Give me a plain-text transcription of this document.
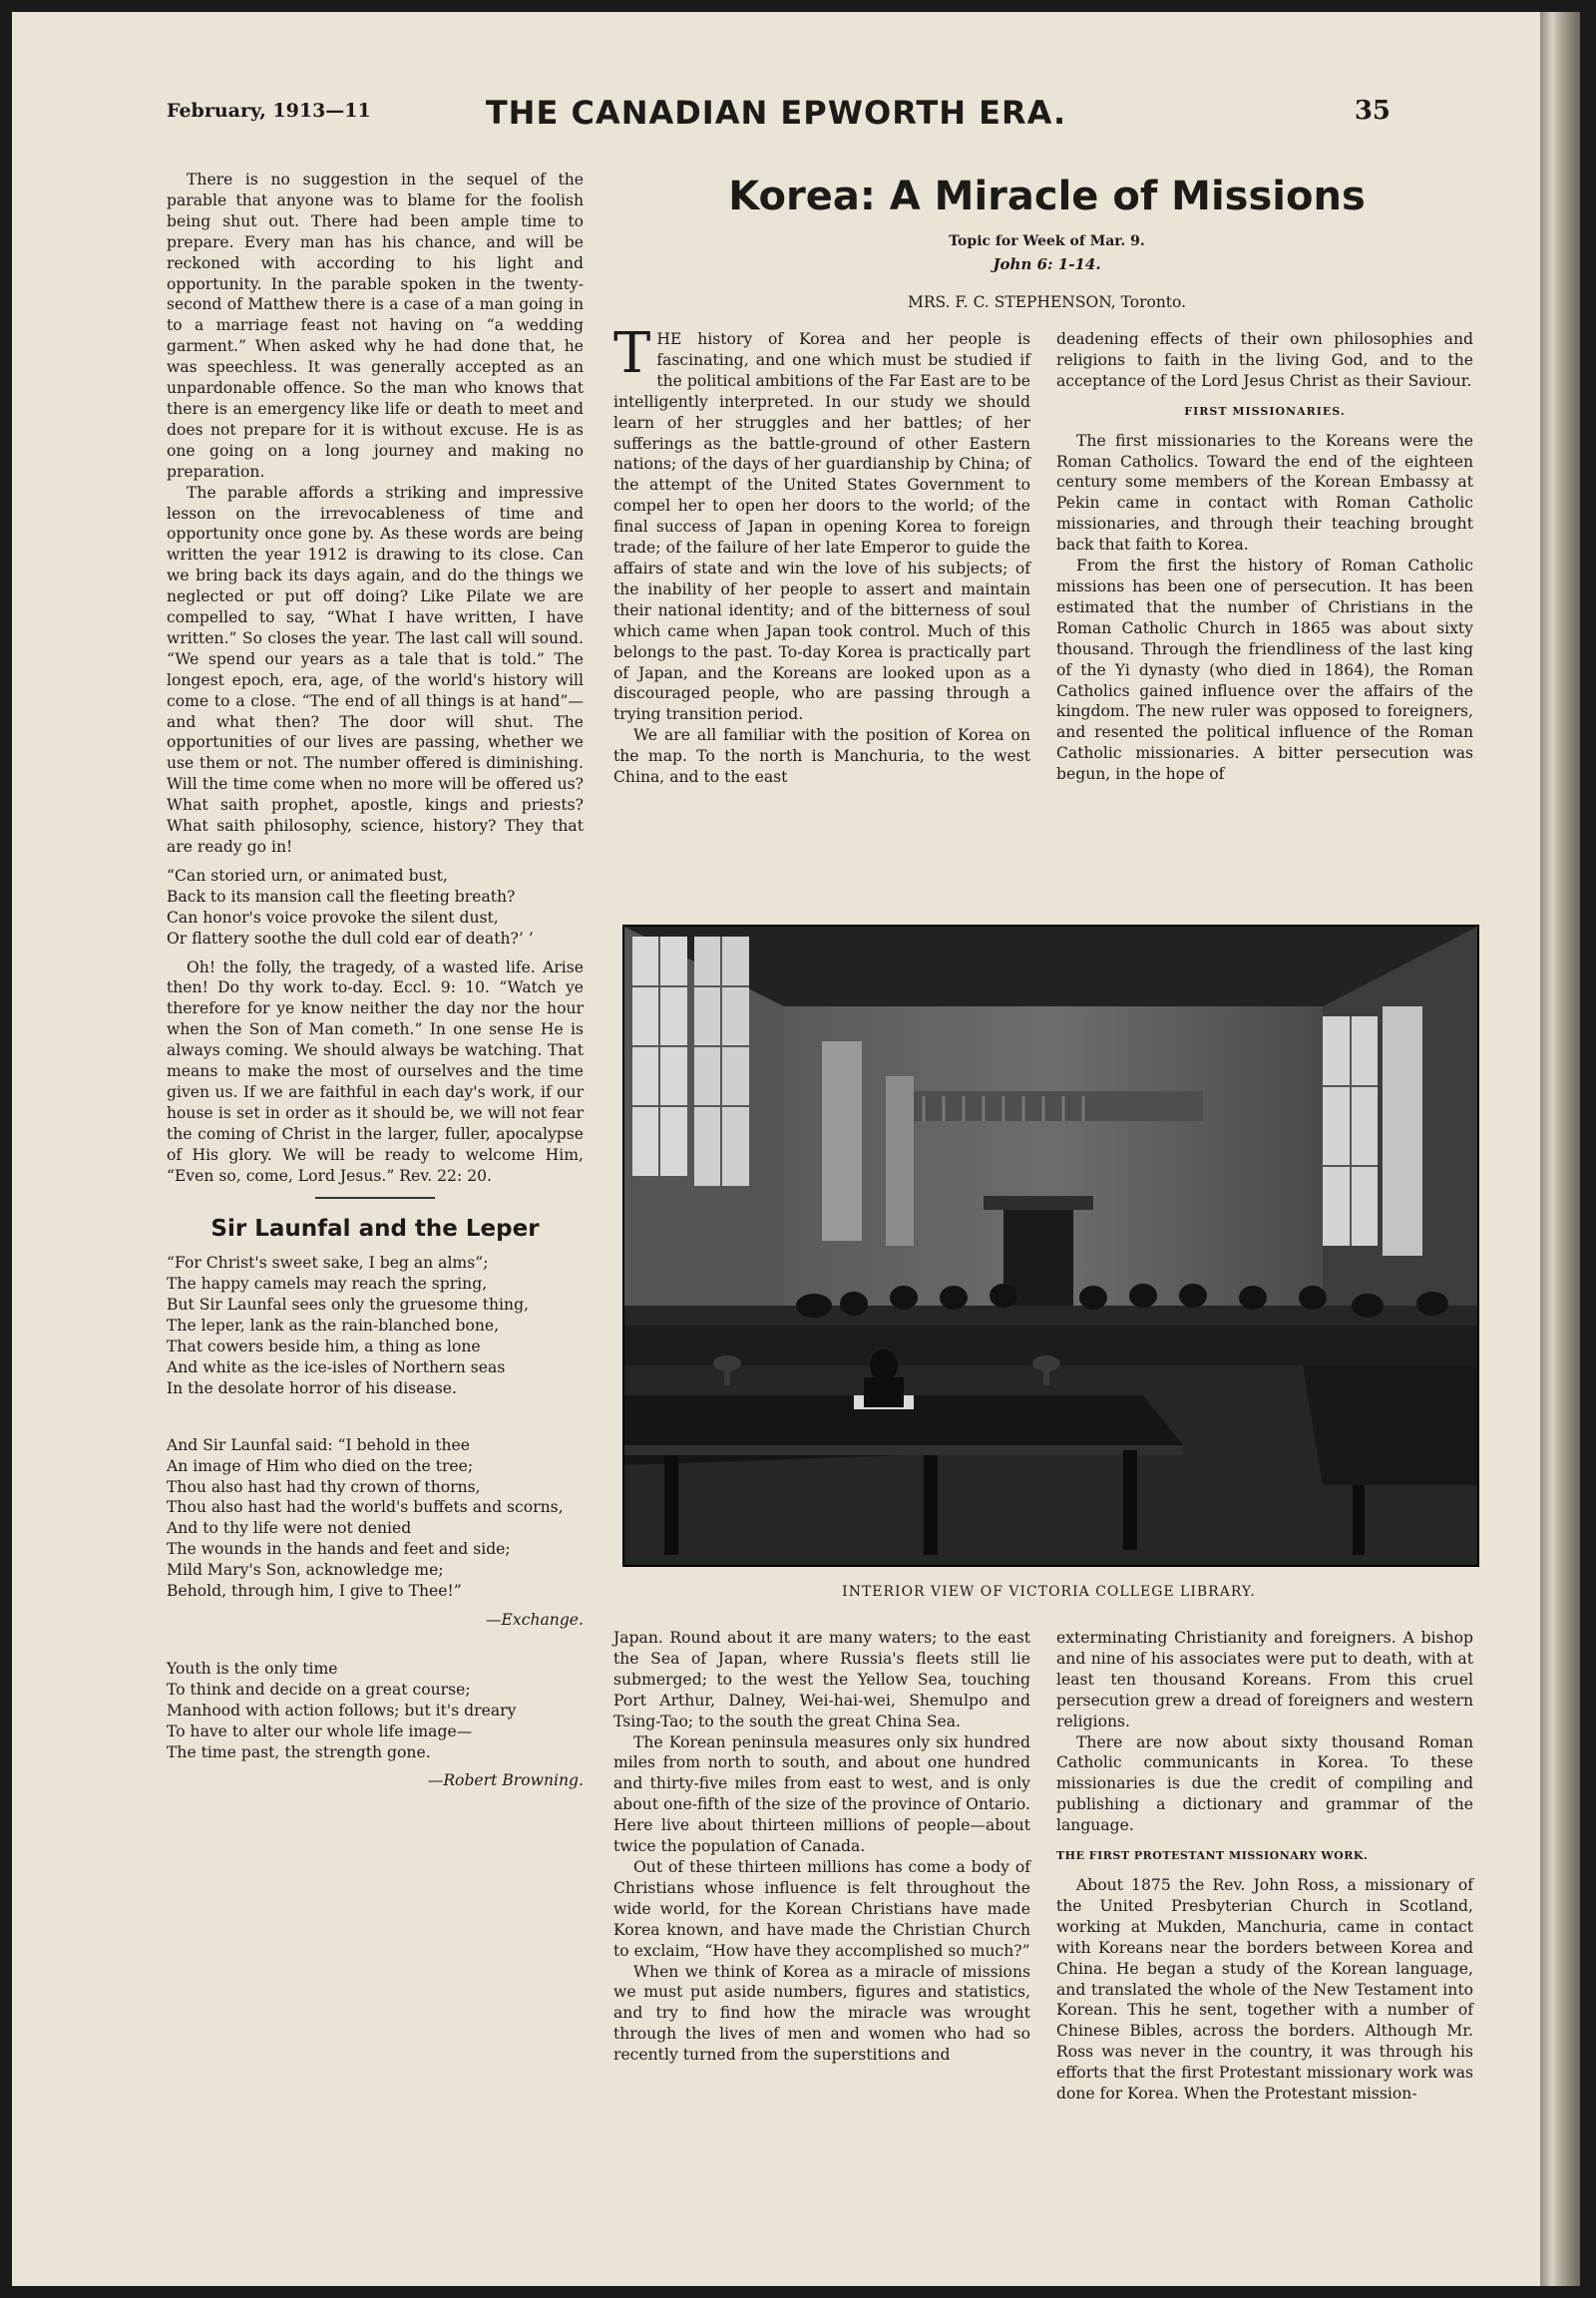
February, 1913—11	THE CANADIAN EPWORTH ERA.	35

There is no suggestion in the sequel of the parable that anyone was to blame for the foolish being shut out. There had been ample time to prepare. Every man has his chance, and will be reckoned with according to his light and opportunity. In the parable spoken in the twenty-second of Matthew there is a case of a man going in to a marriage feast not having on “a wedding garment.” When asked why he had done that, he was speechless. It was generally accepted as an unpardonable offence. So the man who knows that there is an emergency like life or death to meet and does not prepare for it is without excuse. He is as one going on a long journey and making no preparation.

The parable affords a striking and impressive lesson on the irrevocableness of time and opportunity once gone by. As these words are being written the year 1912 is drawing to its close. Can we bring back its days again, and do the things we neglected or put off doing? Like Pilate we are compelled to say, “What I have written, I have written.” So closes the year. The last call will sound. “We spend our years as a tale that is told.” The longest epoch, era, age, of the world's history will come to a close. “The end of all things is at hand”—and what then? The door will shut. The opportunities of our lives are passing, whether we use them or not. The number offered is diminishing. Will the time come when no more will be offered us? What saith prophet, apostle, kings and priests? What saith philosophy, science, history? They that are ready go in!

“Can storied urn, or animated bust,
Back to its mansion call the fleeting breath?
Can honor's voice provoke the silent dust,
Or flattery soothe the dull cold ear of death?’ ’

Oh! the folly, the tragedy, of a wasted life. Arise then! Do thy work to-day. Eccl. 9: 10. “Watch ye therefore for ye know neither the day nor the hour when the Son of Man cometh.” In one sense He is always coming. We should always be watching. That means to make the most of ourselves and the time given us. If we are faithful in each day's work, if our house is set in order as it should be, we will not fear the coming of Christ in the larger, fuller, apocalypse of His glory. We will be ready to welcome Him, “Even so, come, Lord Jesus.” Rev. 22: 20.

Sir Launfal and the Leper
“For Christ's sweet sake, I beg an alms”;
The happy camels may reach the spring,
But Sir Launfal sees only the gruesome thing,
The leper, lank as the rain-blanched bone,
That cowers beside him, a thing as lone
And white as the ice-isles of Northern seas
In the desolate horror of his disease.
And Sir Launfal said: “I behold in thee
An image of Him who died on the tree;
Thou also hast had thy crown of thorns,
Thou also hast had the world's buffets and scorns,
And to thy life were not denied
The wounds in the hands and feet and side;
Mild Mary's Son, acknowledge me;
Behold, through him, I give to Thee!”
—Exchange.
Youth is the only time
To think and decide on a great course;
Manhood with action follows; but it's dreary
To have to alter our whole life image—
The time past, the strength gone.
—Robert Browning.
Korea: A Miracle of Missions
Topic for Week of Mar. 9.
John 6: 1-14.
MRS. F. C. STEPHENSON, Toronto.

THE history of Korea and her people is fascinating, and one which must be studied if the political ambitions of the Far East are to be intelligently interpreted. In our study we should learn of her struggles and her battles; of her sufferings as the battle-ground of other Eastern nations; of the days of her guardianship by China; of the attempt of the United States Government to compel her to open her doors to the world; of the final success of Japan in opening Korea to foreign trade; of the failure of her late Emperor to guide the affairs of state and win the love of his subjects; of the inability of her people to assert and maintain their national identity; and of the bitterness of soul which came when Japan took control. Much of this belongs to the past. To-day Korea is practically part of Japan, and the Koreans are looked upon as a discouraged people, who are passing through a trying transition period.

We are all familiar with the position of Korea on the map. To the north is Manchuria, to the west China, and to the east

deadening effects of their own philosophies and religions to faith in the living God, and to the acceptance of the Lord Jesus Christ as their Saviour.

FIRST MISSIONARIES.

The first missionaries to the Koreans were the Roman Catholics. Toward the end of the eighteen century some members of the Korean Embassy at Pekin came in contact with Roman Catholic missionaries, and through their teaching brought back that faith to Korea.

From the first the history of Roman Catholic missions has been one of persecution. It has been estimated that the number of Christians in the Roman Catholic Church in 1865 was about sixty thousand. Through the friendliness of the last king of the Yi dynasty (who died in 1864), the Roman Catholics gained influence over the affairs of the kingdom. The new ruler was opposed to foreigners, and resented the political influence of the Roman Catholic missionaries. A bitter persecution was begun, in the hope of

INTERIOR VIEW OF VICTORIA COLLEGE LIBRARY.

Japan. Round about it are many waters; to the east the Sea of Japan, where Russia's fleets still lie submerged; to the west the Yellow Sea, touching Port Arthur, Dalney, Wei-hai-wei, Shemulpo and Tsing-Tao; to the south the great China Sea.

The Korean peninsula measures only six hundred miles from north to south, and about one hundred and thirty-five miles from east to west, and is only about one-fifth of the size of the province of Ontario. Here live about thirteen millions of people—about twice the population of Canada.

Out of these thirteen millions has come a body of Christians whose influence is felt throughout the wide world, for the Korean Christians have made Korea known, and have made the Christian Church to exclaim, “How have they accomplished so much?”

When we think of Korea as a miracle of missions we must put aside numbers, figures and statistics, and try to find how the miracle was wrought through the lives of men and women who had so recently turned from the superstitions and

exterminating Christianity and foreigners. A bishop and nine of his associates were put to death, with at least ten thousand Koreans. From this cruel persecution grew a dread of foreigners and western religions.

There are now about sixty thousand Roman Catholic communicants in Korea. To these missionaries is due the credit of compiling and publishing a dictionary and grammar of the language.

THE FIRST PROTESTANT MISSIONARY WORK.

About 1875 the Rev. John Ross, a missionary of the United Presbyterian Church in Scotland, working at Mukden, Manchuria, came in contact with Koreans near the borders between Korea and China. He began a study of the Korean language, and translated the whole of the New Testament into Korean. This he sent, together with a number of Chinese Bibles, across the borders. Although Mr. Ross was never in the country, it was through his efforts that the first Protestant missionary work was done for Korea. When the Protestant mission-
